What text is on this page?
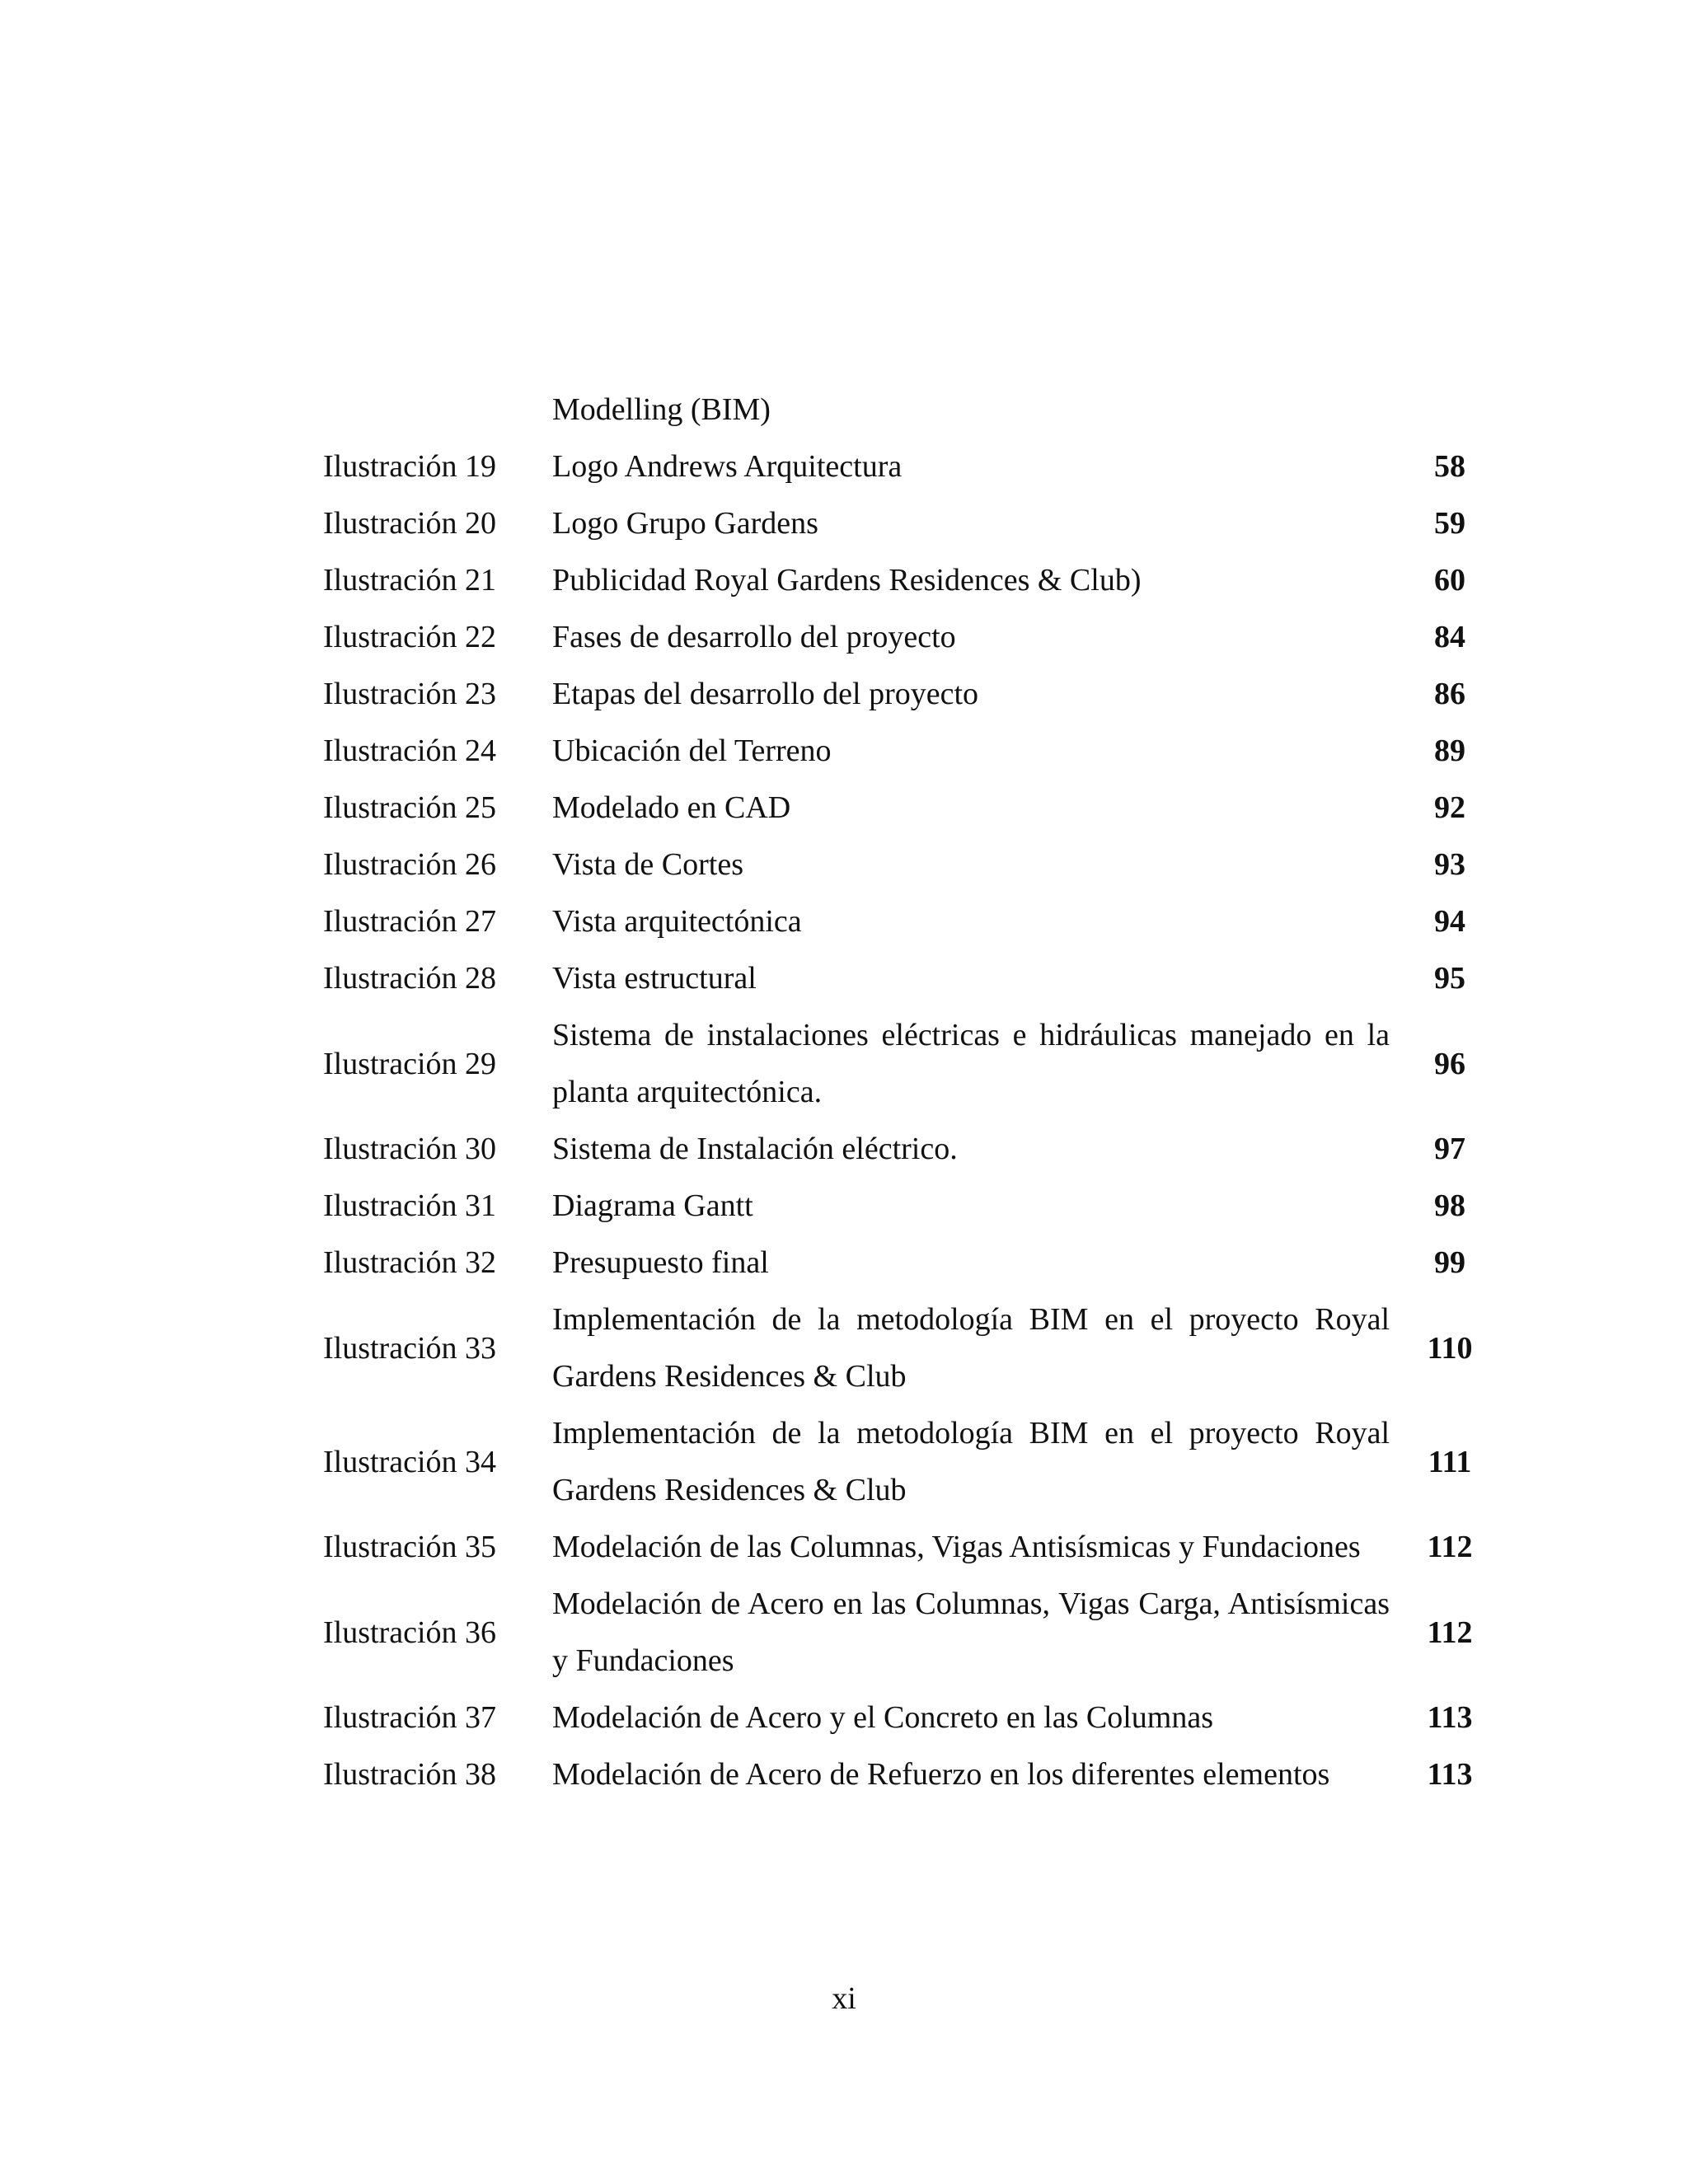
	Modelling (BIM)	
Ilustración 19	Logo Andrews Arquitectura	58
Ilustración 20	Logo Grupo Gardens	59
Ilustración 21	Publicidad Royal Gardens Residences & Club)	60
Ilustración 22	Fases de desarrollo del proyecto	84
Ilustración 23	Etapas del desarrollo del proyecto	86
Ilustración 24	Ubicación del Terreno	89
Ilustración 25	Modelado en CAD	92
Ilustración 26	Vista de Cortes	93
Ilustración 27	Vista arquitectónica	94
Ilustración 28	Vista estructural	95
Ilustración 29	Sistema de instalaciones eléctricas e hidráulicas manejado en la planta arquitectónica.	96
Ilustración 30	Sistema de Instalación eléctrico.	97
Ilustración 31	Diagrama Gantt	98
Ilustración 32	Presupuesto final	99
Ilustración 33	Implementación de la metodología BIM en el proyecto Royal Gardens Residences & Club	110
Ilustración 34	Implementación de la metodología BIM en el proyecto Royal Gardens Residences & Club	111
Ilustración 35	Modelación de las Columnas, Vigas Antisísmicas y Fundaciones	112
Ilustración 36	Modelación de Acero en las Columnas, Vigas Carga, Antisísmicas y Fundaciones	112
Ilustración 37	Modelación de Acero y el Concreto en las Columnas	113
Ilustración 38	Modelación de Acero de Refuerzo en los diferentes elementos	113
xi
